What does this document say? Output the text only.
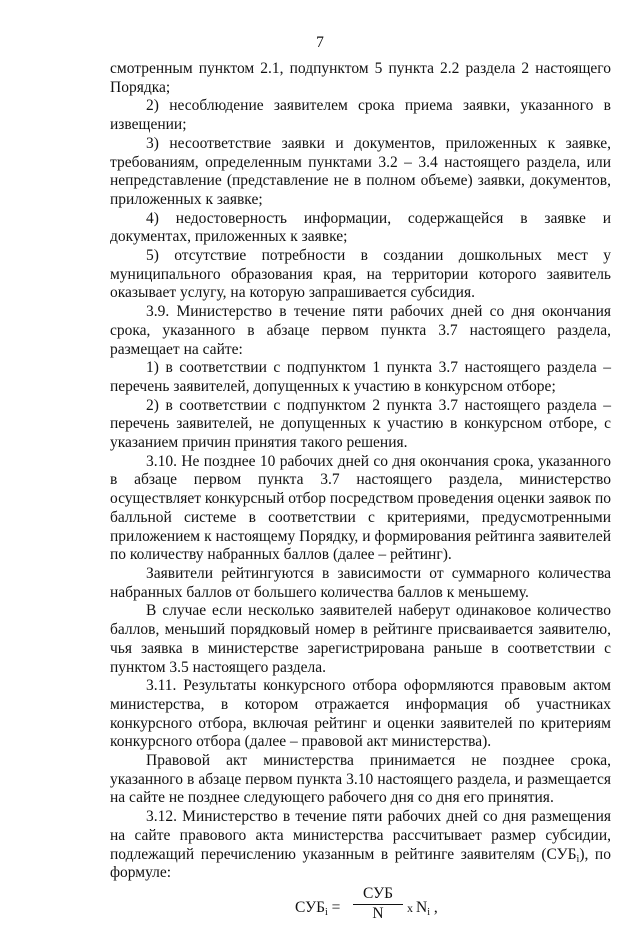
7

смотренным пунктом 2.1, подпунктом 5 пункта 2.2 раздела 2 настоящего Порядка;

2) несоблюдение заявителем срока приема заявки, указанного в извещении;

3) несоответствие заявки и документов, приложенных к заявке, требованиям, определенным пунктами 3.2 – 3.4 настоящего раздела, или непредставление (представление не в полном объеме) заявки, документов, приложенных к заявке;

4) недостоверность информации, содержащейся в заявке и документах, приложенных к заявке;

5) отсутствие потребности в создании дошкольных мест у муниципального образования края, на территории которого заявитель оказывает услугу, на которую запрашивается субсидия.

3.9. Министерство в течение пяти рабочих дней со дня окончания срока, указанного в абзаце первом пункта 3.7 настоящего раздела, размещает на сайте:

1) в соответствии с подпунктом 1 пункта 3.7 настоящего раздела – перечень заявителей, допущенных к участию в конкурсном отборе;

2) в соответствии с подпунктом 2 пункта 3.7 настоящего раздела – перечень заявителей, не допущенных к участию в конкурсном отборе, с указанием причин принятия такого решения.

3.10. Не позднее 10 рабочих дней со дня окончания срока, указанного в абзаце первом пункта 3.7 настоящего раздела, министерство осуществляет конкурсный отбор посредством проведения оценки заявок по балльной системе в соответствии с критериями, предусмотренными приложением к настоящему Порядку, и формирования рейтинга заявителей по количеству набранных баллов (далее – рейтинг).

Заявители рейтингуются в зависимости от суммарного количества набранных баллов от большего количества баллов к меньшему.

В случае если несколько заявителей наберут одинаковое количество баллов, меньший порядковый номер в рейтинге присваивается заявителю, чья заявка в министерстве зарегистрирована раньше в соответствии с пунктом 3.5 настоящего раздела.

3.11. Результаты конкурсного отбора оформляются правовым актом министерства, в котором отражается информация об участниках конкурсного отбора, включая рейтинг и оценки заявителей по критериям конкурсного отбора (далее – правовой акт министерства).

Правовой акт министерства принимается не позднее срока, указанного в абзаце первом пункта 3.10 настоящего раздела, и размещается на сайте не позднее следующего рабочего дня со дня его принятия.

3.12. Министерство в течение пяти рабочих дней со дня размещения на сайте правового акта министерства рассчитывает размер субсидии, подлежащий перечислению указанным в рейтинге заявителям $(СУБ_i)$, по формуле:

$СУБ_i$ =
СУБ
N	x $N_i$ ,
